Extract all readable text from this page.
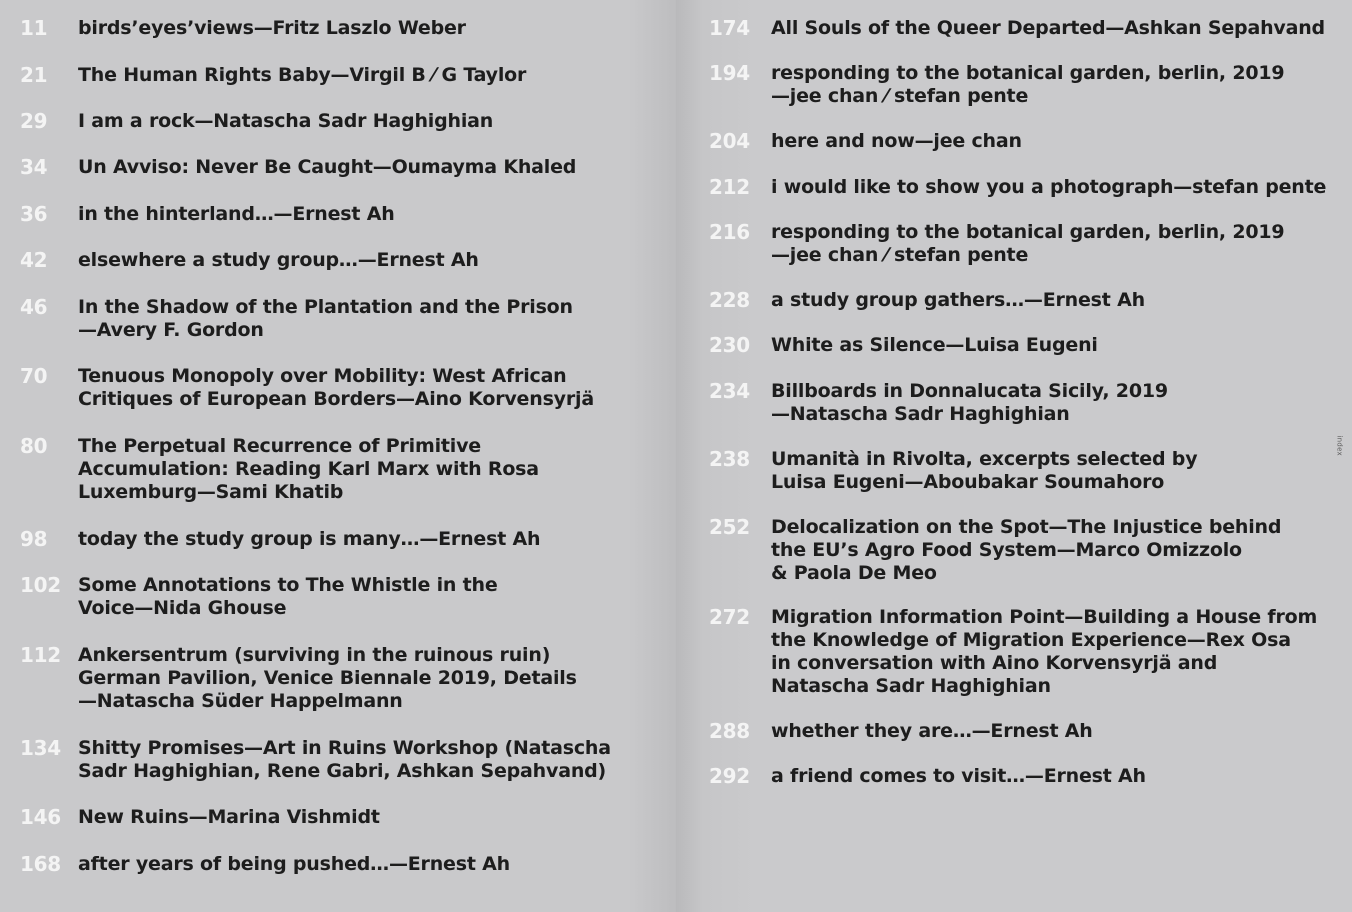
11	birds’eyes’views—Fritz Laszlo Weber
21	The Human Rights Baby—Virgil B ⁄ G Taylor
29	I am a rock—Natascha Sadr Haghighian
34	Un Avviso: Never Be Caught—Oumayma Khaled
36	in the hinterland…—Ernest Ah
42	elsewhere a study group…—Ernest Ah
46	In the Shadow of the Plantation and the Prison
—Avery F. Gordon
70	Tenuous Monopoly over Mobility: West African
Critiques of European Borders—Aino Korvensyrjä
80	The Perpetual Recurrence of Primitive
Accumulation: Reading Karl Marx with Rosa
Luxemburg—Sami Khatib
98	today the study group is many…—Ernest Ah
102 Some Annotations to The Whistle in the
Voice—Nida Ghouse
112 Ankersentrum (surviving in the ruinous ruin)
German Pavilion, Venice Biennale 2019, Details
—Natascha Süder Happelmann
134 Shitty Promises—Art in Ruins Workshop (Natascha
Sadr Haghighian, Rene Gabri, Ashkan Sepahvand)
146 New Ruins—Marina Vishmidt
168 after years of being pushed…—Ernest Ah
174	All Souls of the Queer Departed—Ashkan Sepahvand
194	responding to the botanical garden, berlin, 2019
—jee chan ⁄ stefan pente
204	here and now—jee chan
212	i would like to show you a photograph—stefan pente
216	responding to the botanical garden, berlin, 2019
—jee chan ⁄ stefan pente
228	a study group gathers…—Ernest Ah
230	White as Silence—Luisa Eugeni
234	Billboards in Donnalucata Sicily, 2019
—Natascha Sadr Haghighian
238	Umanità in Rivolta, excerpts selected by
Luisa Eugeni—Aboubakar Soumahoro
252	Delocalization on the Spot—The Injustice behind
the EU’s Agro Food System—Marco Omizzolo
& Paola De Meo
272	Migration Information Point—Building a House from
the Knowledge of Migration Experience—Rex Osa
in conversation with Aino Korvensyrjä and
Natascha Sadr Haghighian
288	whether they are…—Ernest Ah
292	a friend comes to visit…—Ernest Ah
index
